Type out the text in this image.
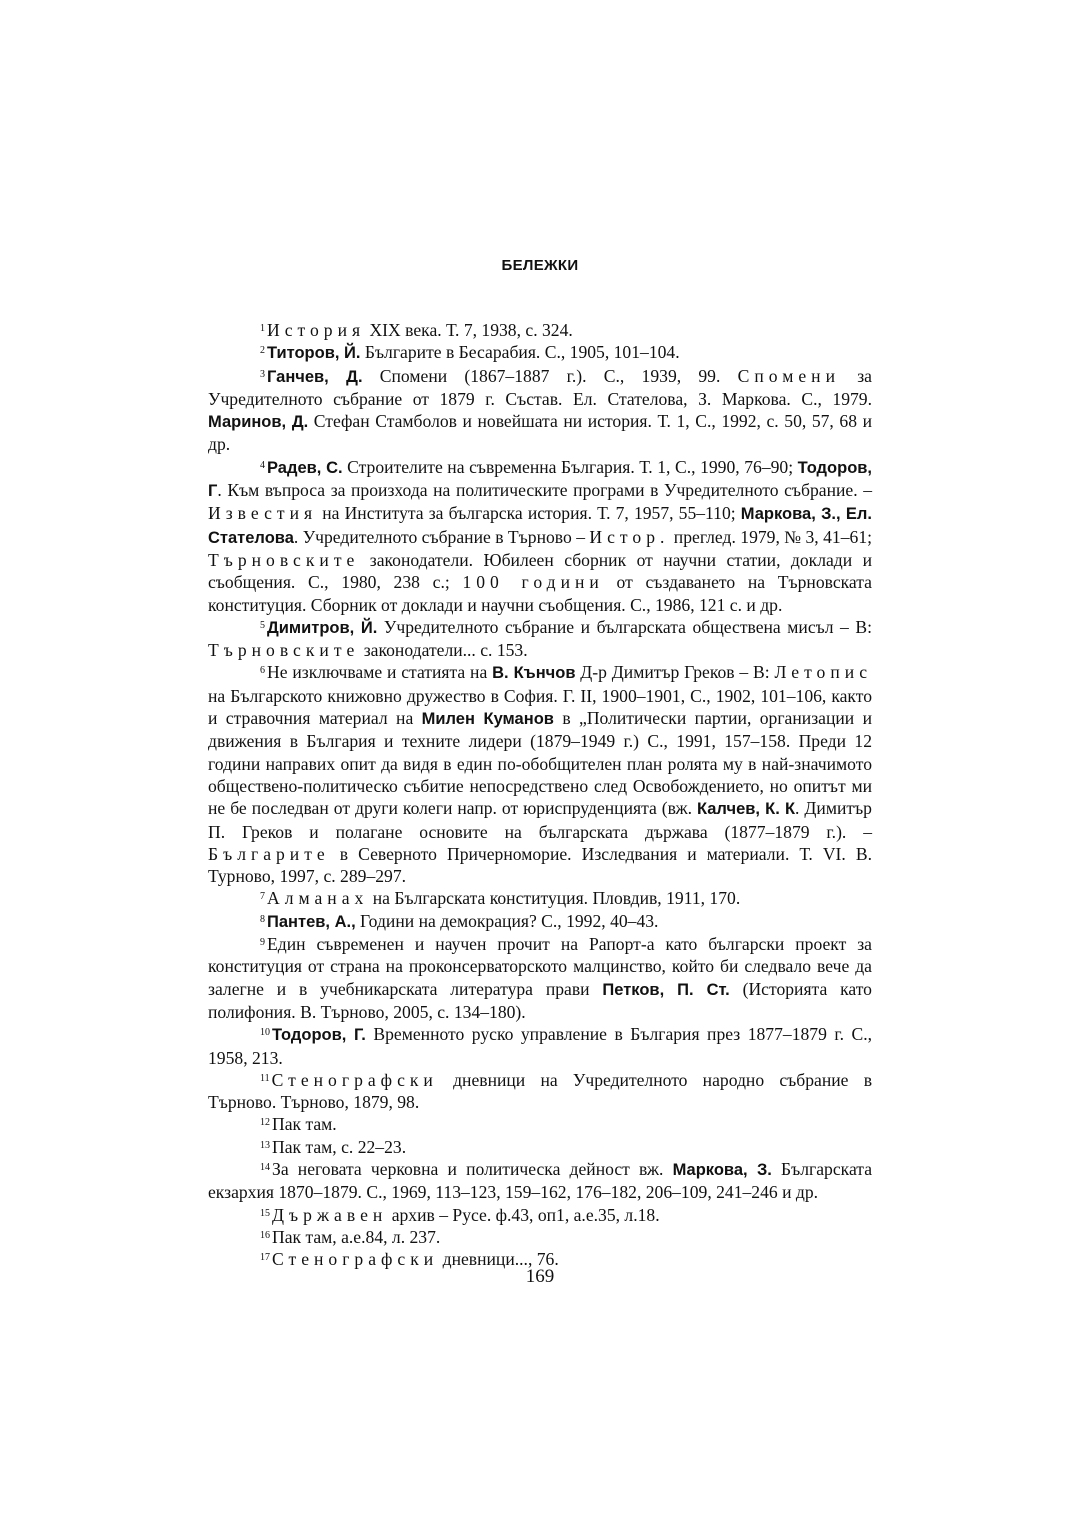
БЕЛЕЖКИ

$^1$ История XIX века. Т. 7, 1938, с. 324.

$^2$ Титоров, Й. Българите в Бесарабия. С., 1905, 101–104.

$^3$ Ганчев, Д. Спомени (1867–1887 г.). С., 1939, 99. Спомени за Учредителното събрание от 1879 г. Състав. Ел. Стателова, З. Маркова. С., 1979. Маринов, Д. Стефан Стамболов и новейшата ни история. Т. 1, С., 1992, с. 50, 57, 68 и др.

$^4$ Радев, С. Строителите на съвременна България. Т. 1, С., 1990, 76–90; Тодоров, Г. Към въпроса за произхода на политическите програми в Учредителното събрание. – Известия на Института за българска история. Т. 7, 1957, 55–110; Маркова, З., Ел. Стателова. Учредителното събрание в Търново – Истор. преглед. 1979, № 3, 41–61; Търновските законодатели. Юбилеен сборник от научни статии, доклади и съобщения. С., 1980, 238 с.; 100 години от създаването на Търновската конституция. Сборник от доклади и научни съобщения. С., 1986, 121 с. и др.

$^5$ Димитров, Й. Учредителното събрание и българската обществена мисъл – В: Търновските законодатели... с. 153.

$^6$ Не изключваме и статията на В. Кънчов Д-р Димитър Греков – В: Летопис на Българското книжовно дружество в София. Г. II, 1900–1901, С., 1902, 101–106, както и стравочния материал на Милен Куманов в „Политически партии, организации и движения в България и техните лидери (1879–1949 г.) С., 1991, 157–158. Преди 12 години направих опит да видя в един по-обобщителен план ролята му в най-значимото обществено-политическо събитие непосредствено след Освобождението, но опитът ми не бе последван от други колеги напр. от юриспруденцията (вж. Калчев, К. К. Димитър П. Греков и полагане основите на българската държава (1877–1879 г.). – Българите в Северното Причерноморие. Изследвания и материали. Т. VI. В. Турново, 1997, с. 289–297.

$^7$ Алманах на Българската конституция. Пловдив, 1911, 170.

$^8$ Пантев, А., Години на демокрация? С., 1992, 40–43.

$^9$ Един съвременен и научен прочит на Рапорт-а като български проект за конституция от страна на проконсерваторското малцинство, който би следвало вече да залегне и в учебникарската литература прави Петков, П. Ст. (Историята като полифония. В. Търново, 2005, с. 134–180).

$^{10}$ Тодоров, Г. Временното руско управление в България през 1877–1879 г. С., 1958, 213.

$^{11}$ Стенографски дневници на Учредителното народно събрание в Търново. Търново, 1879, 98.

$^{12}$ Пак там.

$^{13}$ Пак там, с. 22–23.

$^{14}$ За неговата черковна и политическа дейност вж. Маркова, З. Българската екзархия 1870–1879. С., 1969, 113–123, 159–162, 176–182, 206–109, 241–246 и др.

$^{15}$ Държавен архив – Русе. ф.43, оп1, а.е.35, л.18.

$^{16}$ Пак там, а.е.84, л. 237.

$^{17}$ Стенографски дневници..., 76.

169
